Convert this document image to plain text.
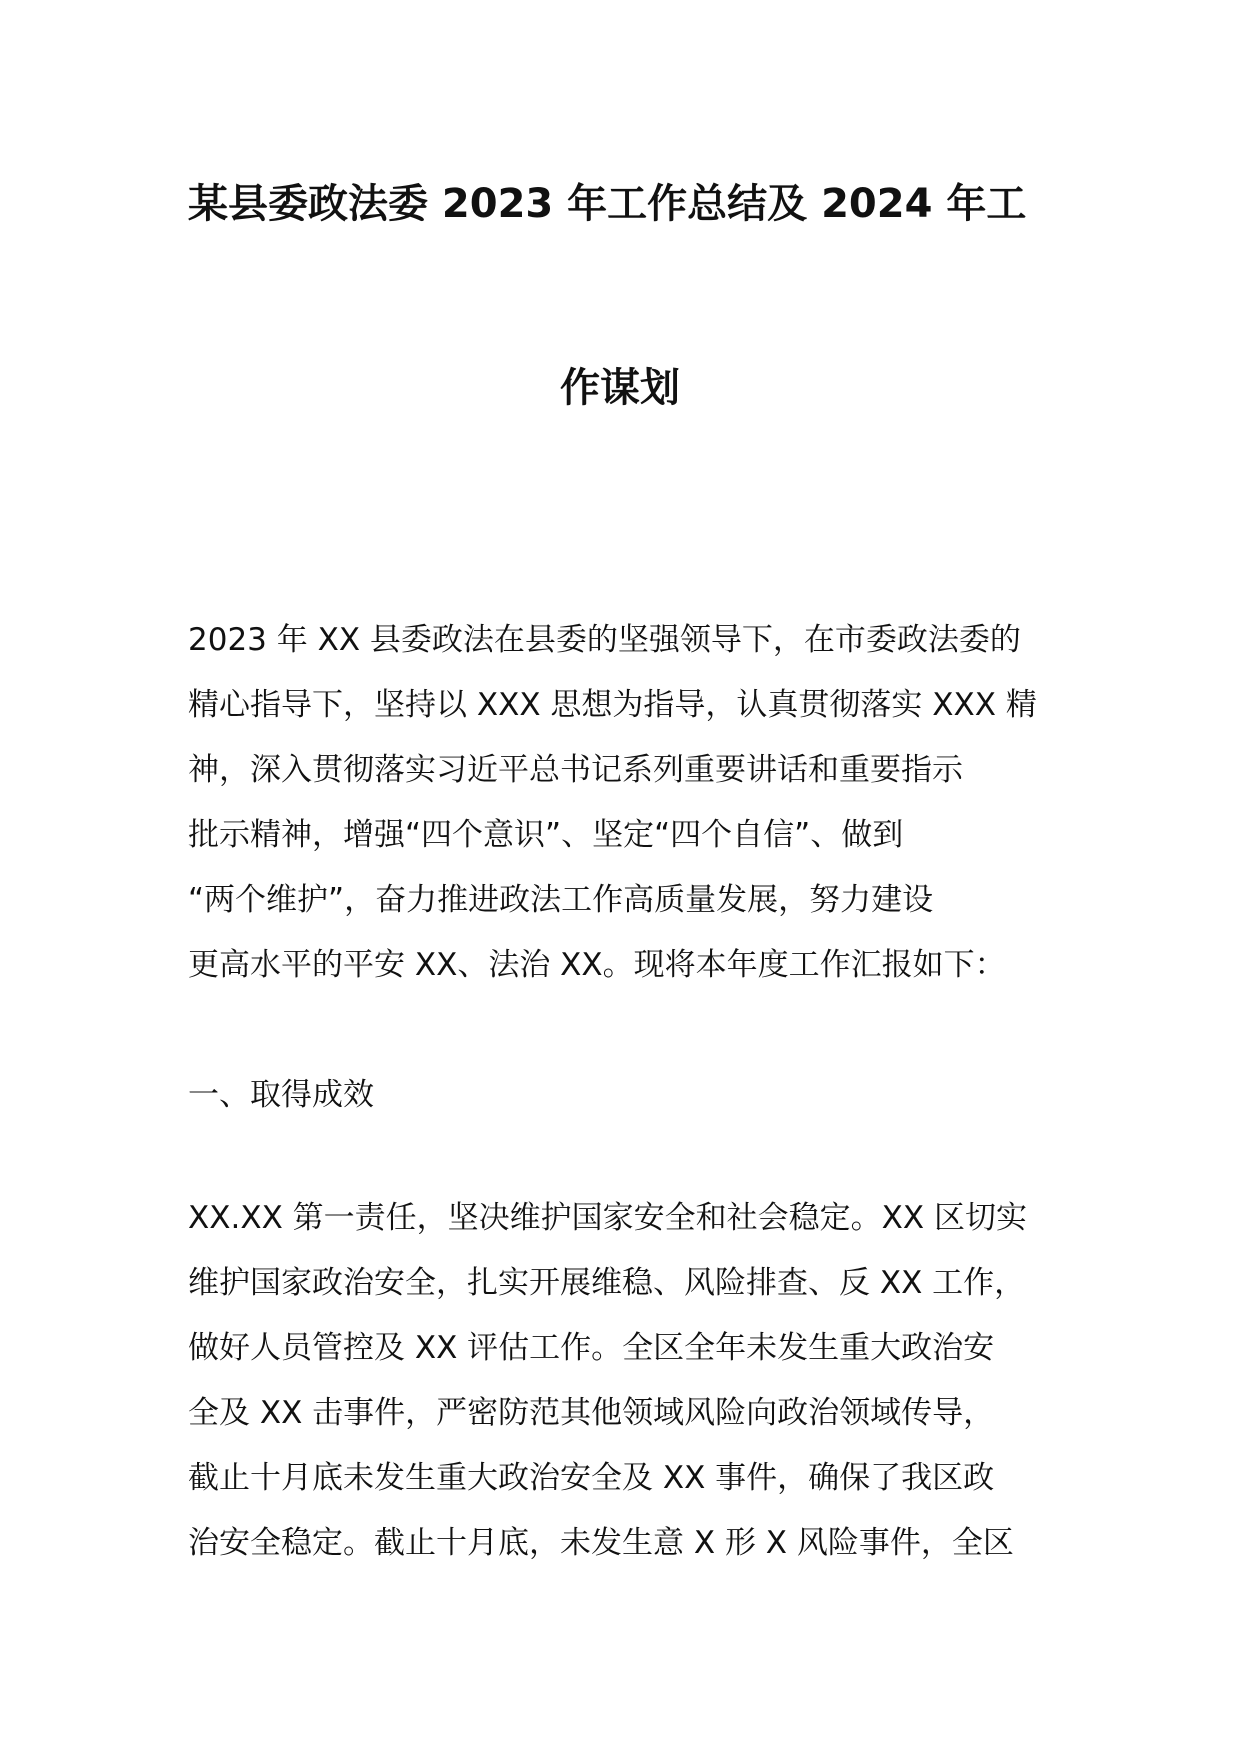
某县委政法委 2023 年工作总结及 2024 年工
作谋划
2023 年 XX 县委政法在县委的坚强领导下，在市委政法委的
精心指导下，坚持以 XXX 思想为指导，认真贯彻落实 XXX 精
神，深入贯彻落实习近平总书记系列重要讲话和重要指示
批示精神，增强“四个意识”、坚定“四个自信”、做到
“两个维护”，奋力推进政法工作高质量发展，努力建设
更高水平的平安 XX、法治 XX。现将本年度工作汇报如下：
一、取得成效
XX.XX 第一责任，坚决维护国家安全和社会稳定。XX 区切实
维护国家政治安全，扎实开展维稳、风险排查、反 XX 工作，
做好人员管控及 XX 评估工作。全区全年未发生重大政治安
全及 XX 击事件，严密防范其他领域风险向政治领域传导，
截止十月底未发生重大政治安全及 XX 事件，确保了我区政
治安全稳定。截止十月底，未发生意 X 形 X 风险事件，全区
